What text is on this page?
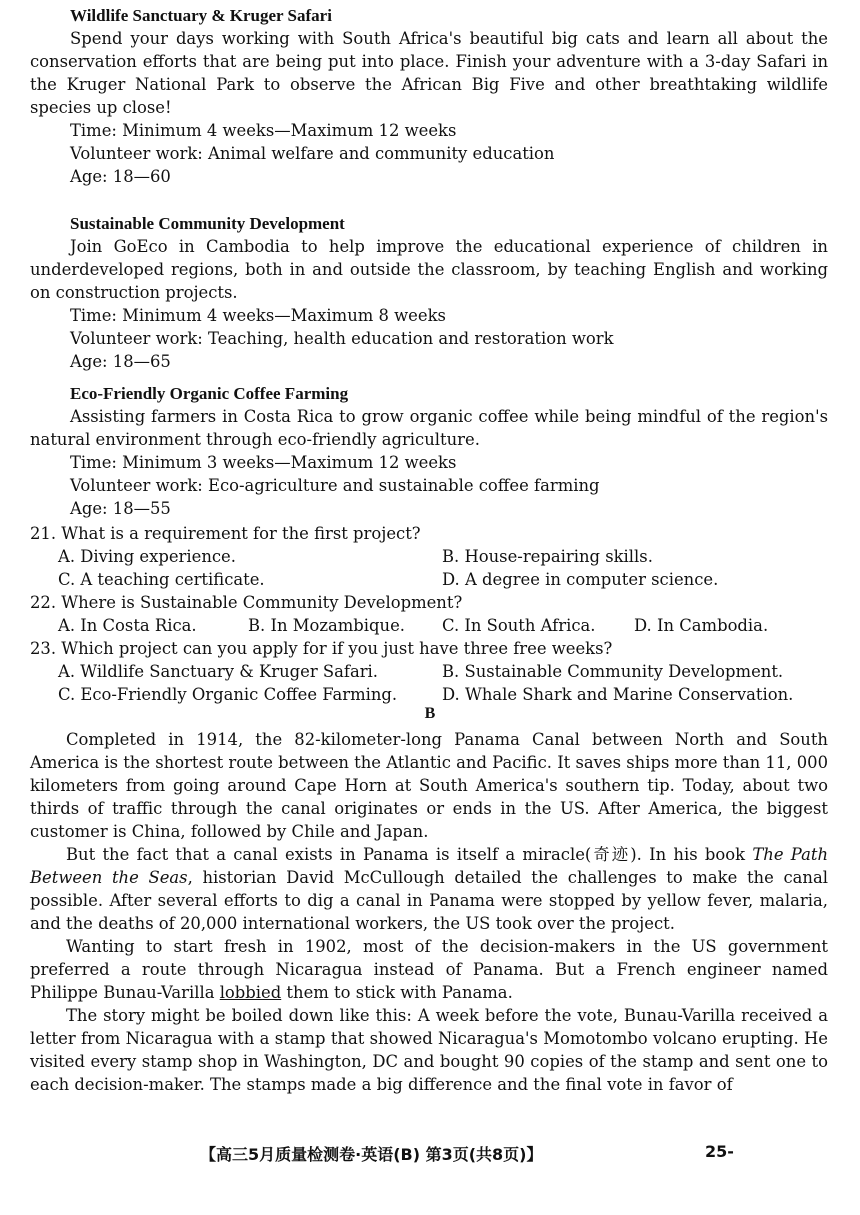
Wildlife Sanctuary & Kruger Safari
Spend your days working with South Africa's beautiful big cats and learn all about the conservation efforts that are being put into place. Finish your adventure with a 3-day Safari in the Kruger National Park to observe the African Big Five and other breathtaking wildlife species up close!
Time: Minimum 4 weeks—Maximum 12 weeks
Volunteer work: Animal welfare and community education
Age: 18—60
Sustainable Community Development
Join GoEco in Cambodia to help improve the educational experience of children in underdeveloped regions, both in and outside the classroom, by teaching English and working on construction projects.
Time: Minimum 4 weeks—Maximum 8 weeks
Volunteer work: Teaching, health education and restoration work
Age: 18—65
Eco-Friendly Organic Coffee Farming
Assisting farmers in Costa Rica to grow organic coffee while being mindful of the region's natural environment through eco-friendly agriculture.
Time: Minimum 3 weeks—Maximum 12 weeks
Volunteer work: Eco-agriculture and sustainable coffee farming
Age: 18—55
21. What is a requirement for the first project?
A. Diving experience.	B. House-repairing skills.
C. A teaching certificate.	D. A degree in computer science.
22. Where is Sustainable Community Development?
A. In Costa Rica.	B. In Mozambique. C. In South Africa. D. In Cambodia.
23. Which project can you apply for if you just have three free weeks?
A. Wildlife Sanctuary & Kruger Safari.	B. Sustainable Community Development.
C. Eco-Friendly Organic Coffee Farming.	D. Whale Shark and Marine Conservation.
B
Completed in 1914, the 82-kilometer-long Panama Canal between North and South America is the shortest route between the Atlantic and Pacific. It saves ships more than 11, 000 kilometers from going around Cape Horn at South America's southern tip. Today, about two thirds of traffic through the canal originates or ends in the US. After America, the biggest customer is China, followed by Chile and Japan.
But the fact that a canal exists in Panama is itself a miracle(奇迹). In his book The Path Between the Seas, historian David McCullough detailed the challenges to make the canal possible. After several efforts to dig a canal in Panama were stopped by yellow fever, malaria, and the deaths of 20,000 international workers, the US took over the project.
Wanting to start fresh in 1902, most of the decision-makers in the US government preferred a route through Nicaragua instead of Panama. But a French engineer named Philippe Bunau-Varilla lobbied them to stick with Panama.
The story might be boiled down like this: A week before the vote, Bunau-Varilla received a letter from Nicaragua with a stamp that showed Nicaragua's Momotombo volcano erupting. He visited every stamp shop in Washington, DC and bought 90 copies of the stamp and sent one to each decision-maker. The stamps made a big difference and the final vote in favor of
【高三5月质量检测卷·英语(B) 第3页(共8页)】	25-
